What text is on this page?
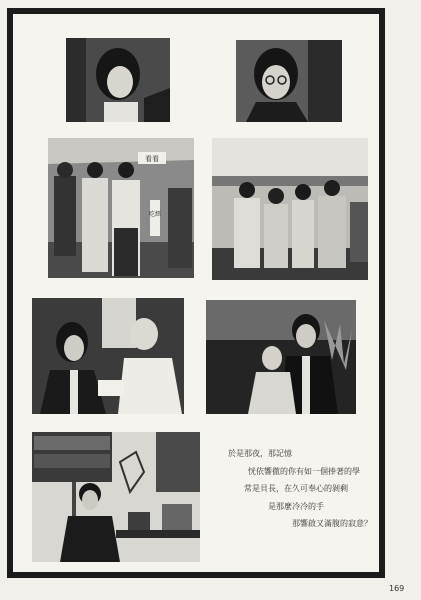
看看
吃經
於是那夜，那記憶
恍依響徹的你有如一個捧著的學
常是貝長，在久可奉心的剝剩
是那麼冷冷的手
那響啟又滿腹的寂意？
169
